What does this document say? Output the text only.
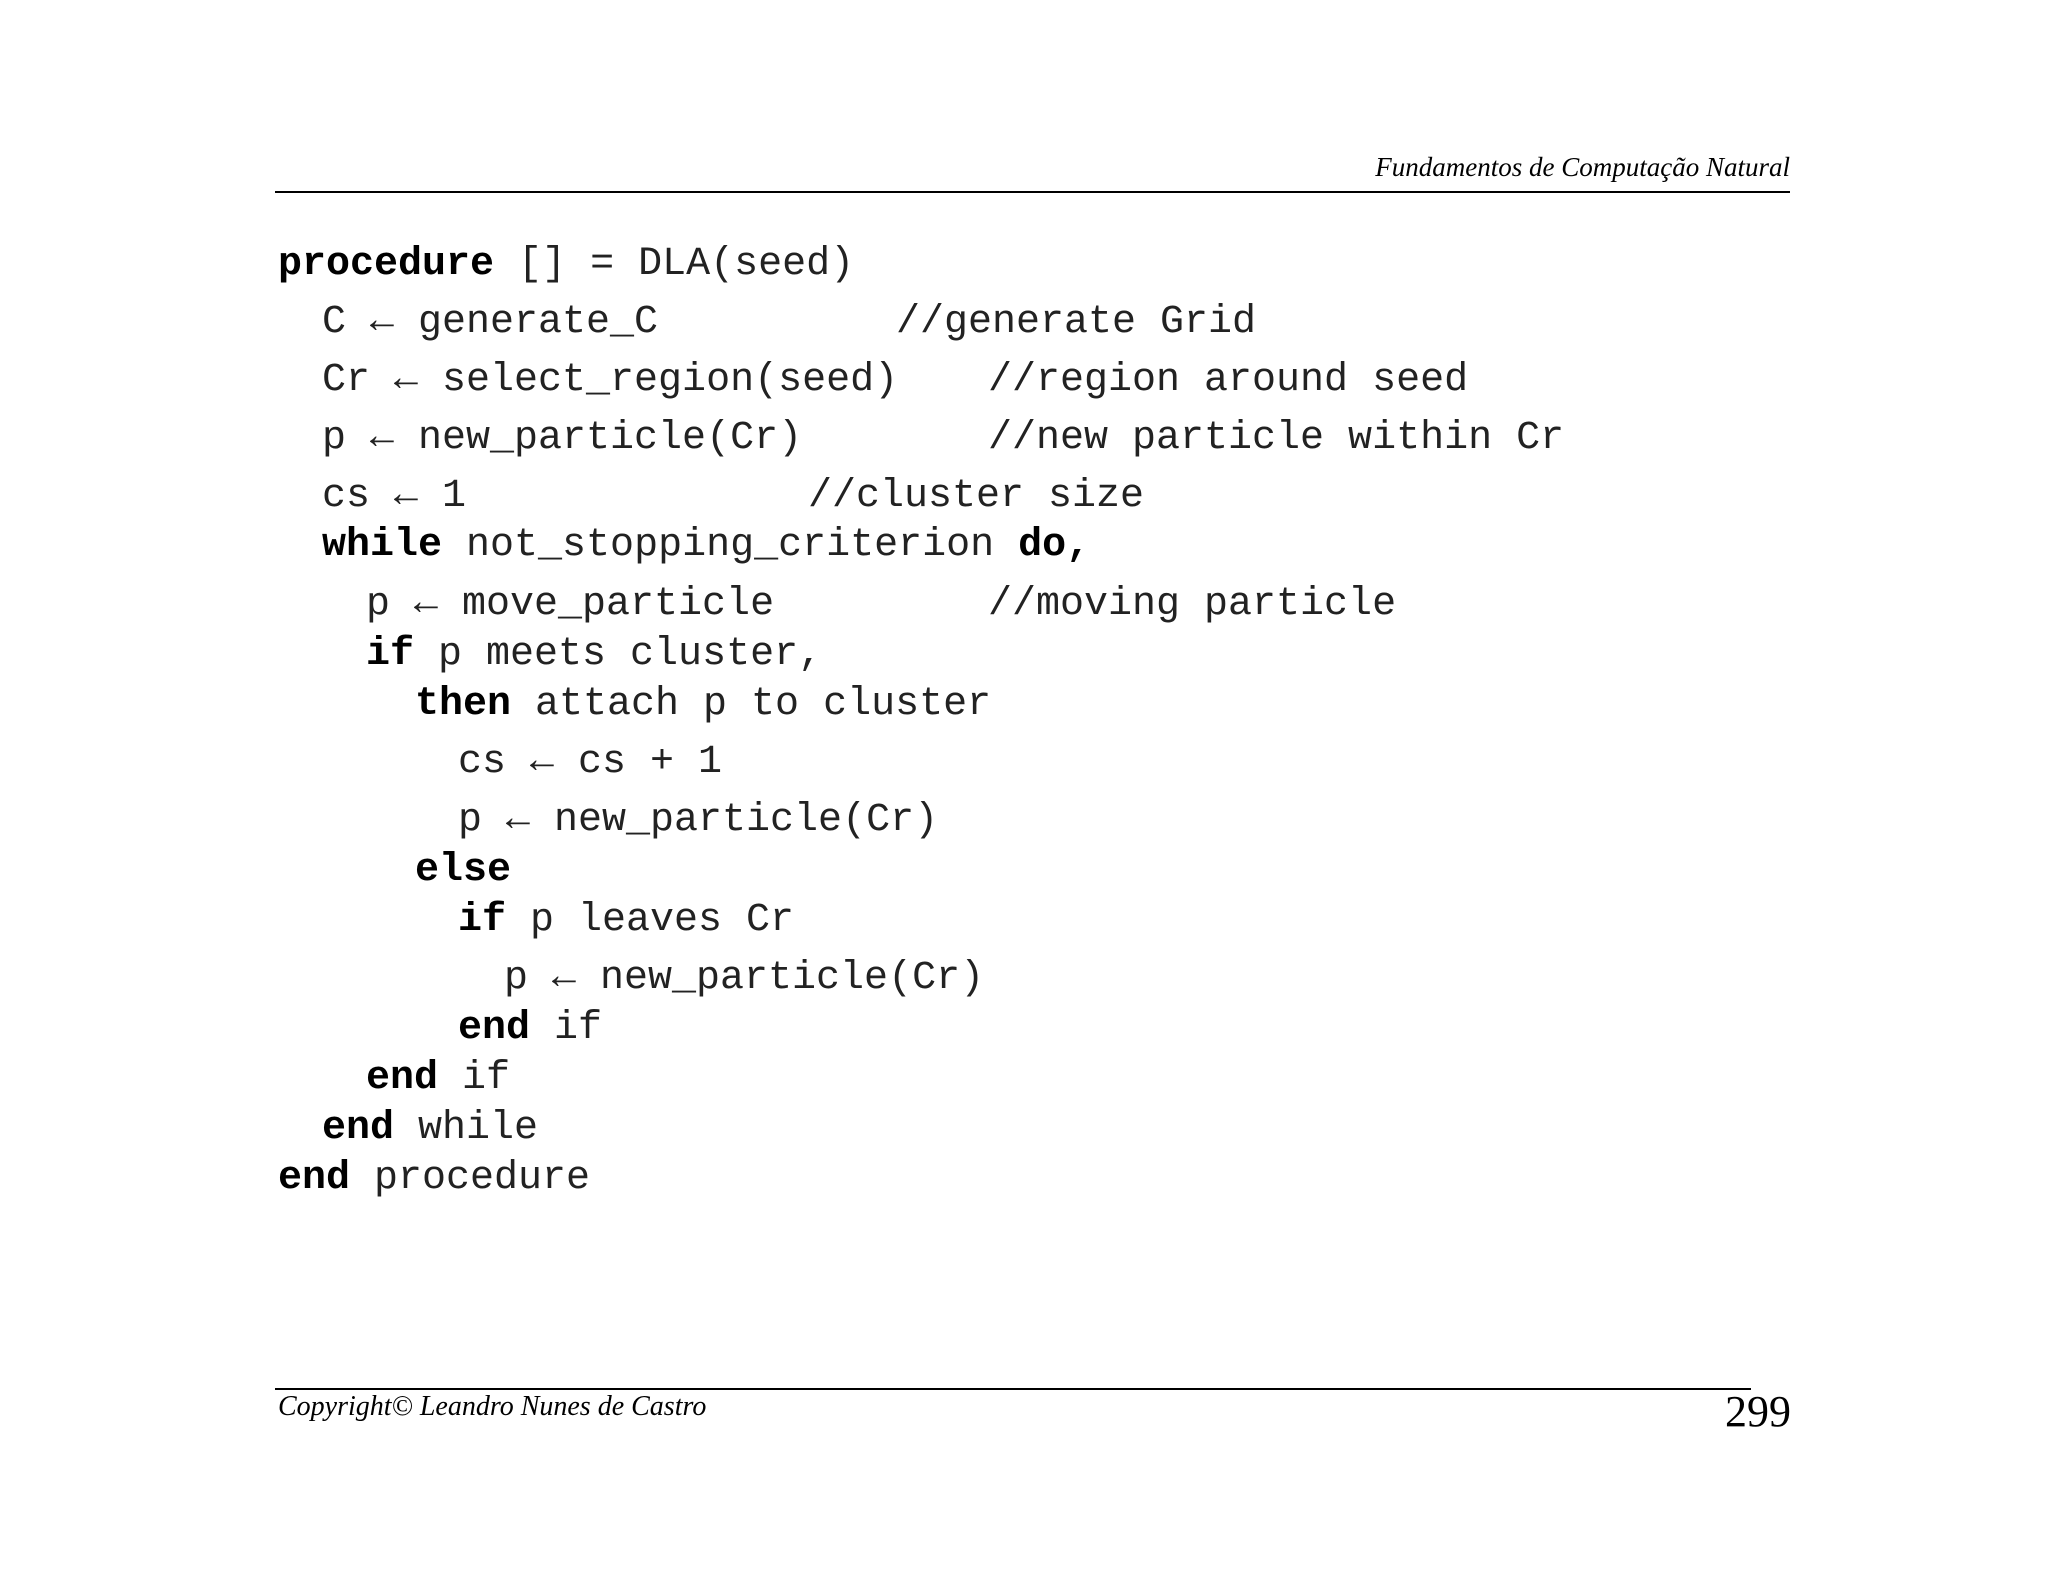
Fundamentos de Computação Natural
procedure [] = DLA(seed)
C ← generate_C	//generate Grid
Cr ← select_region(seed) //region around seed
p ← new_particle(Cr)	//new particle within Cr
cs ← 1	//cluster size
while not_stopping_criterion do,
p ← move_particle	//moving particle
if p meets cluster,
then attach p to cluster
cs ← cs + 1
p ← new_particle(Cr)
else
if p leaves Cr
p ← new_particle(Cr)
end if
end if
end while
end procedure
Copyright© Leandro Nunes de Castro	299
